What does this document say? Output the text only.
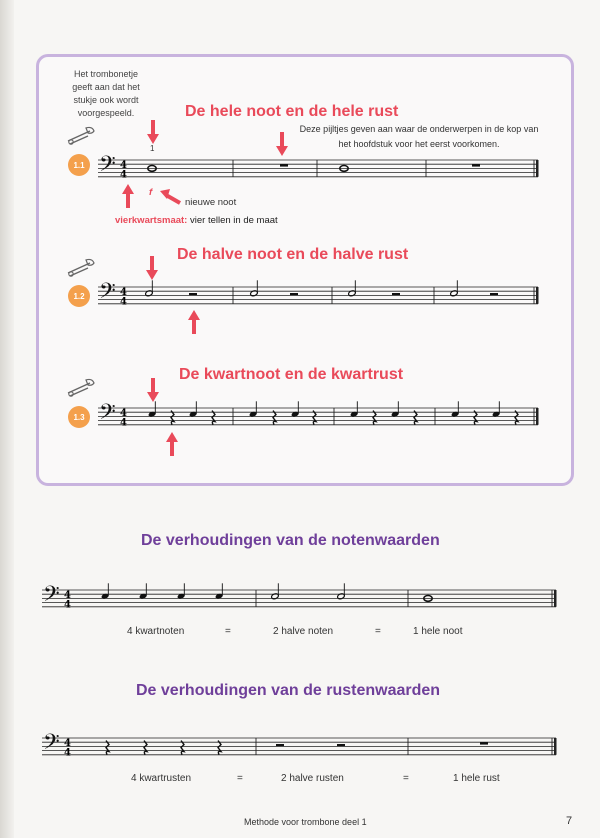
Het trombonetje geeft aan dat het stukje ook wordt voorgespeeld.	De hele noot en de hele rust
De halve noot en de halve rust
De kwartnoot en de kwartrust
Deze pijltjes geven aan waar de onderwerpen in de kop van het hoofdstuk voor het eerst voorkomen.
1.1
1.2
1.3
f
nieuwe noot
1
vierkwartsmaat: vier tellen in de maat
De verhoudingen van de notenwaarden
De verhoudingen van de rustenwaarden
4 kwartnoten	=	2 halve noten	=	1 hele noot
4 kwartrusten	=	2 halve rusten	=	1 hele rust
Methode voor trombone deel 1	7
𝄢 4
4
𝄢 4
4
𝄢 4
4
𝄢 4
4
𝄢 4
4
